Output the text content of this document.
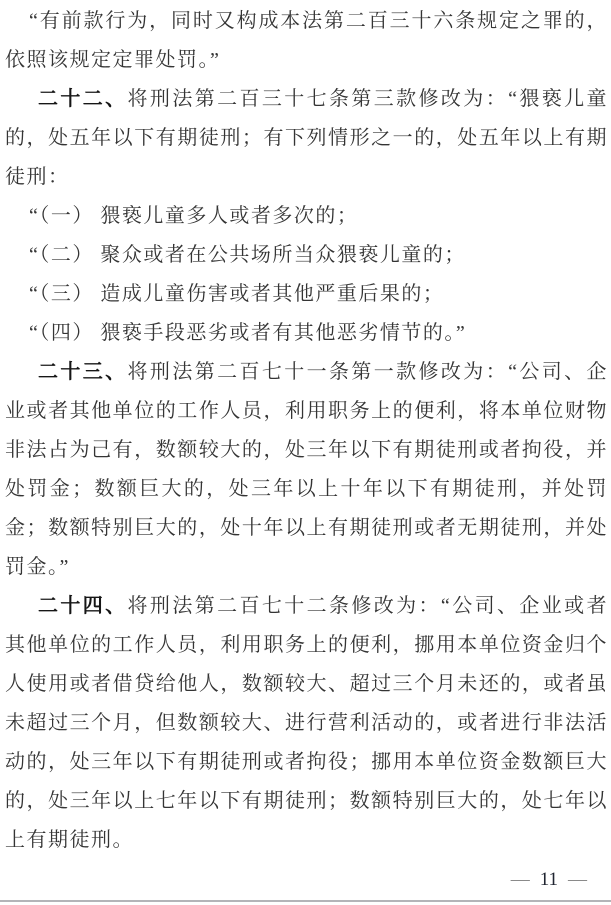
“有前款行为，同时又构成本法第二百三十六条规定之罪的，
依照该规定定罪处罚。”
二十二、将刑法第二百三十七条第三款修改为：“猥亵儿童
的，处五年以下有期徒刑；有下列情形之一的，处五年以上有期
徒刑：
“（一） 猥亵儿童多人或者多次的；
“（二） 聚众或者在公共场所当众猥亵儿童的；
“（三） 造成儿童伤害或者其他严重后果的；
“（四） 猥亵手段恶劣或者有其他恶劣情节的。”
二十三、将刑法第二百七十一条第一款修改为：“公司、企
业或者其他单位的工作人员，利用职务上的便利，将本单位财物
非法占为己有，数额较大的，处三年以下有期徒刑或者拘役，并
处罚金；数额巨大的，处三年以上十年以下有期徒刑，并处罚
金；数额特别巨大的，处十年以上有期徒刑或者无期徒刑，并处
罚金。”
二十四、将刑法第二百七十二条修改为：“公司、企业或者
其他单位的工作人员，利用职务上的便利，挪用本单位资金归个
人使用或者借贷给他人，数额较大、超过三个月未还的，或者虽
未超过三个月，但数额较大、进行营利活动的，或者进行非法活
动的，处三年以下有期徒刑或者拘役；挪用本单位资金数额巨大
的，处三年以上七年以下有期徒刑；数额特别巨大的，处七年以
上有期徒刑。
— 11 —
